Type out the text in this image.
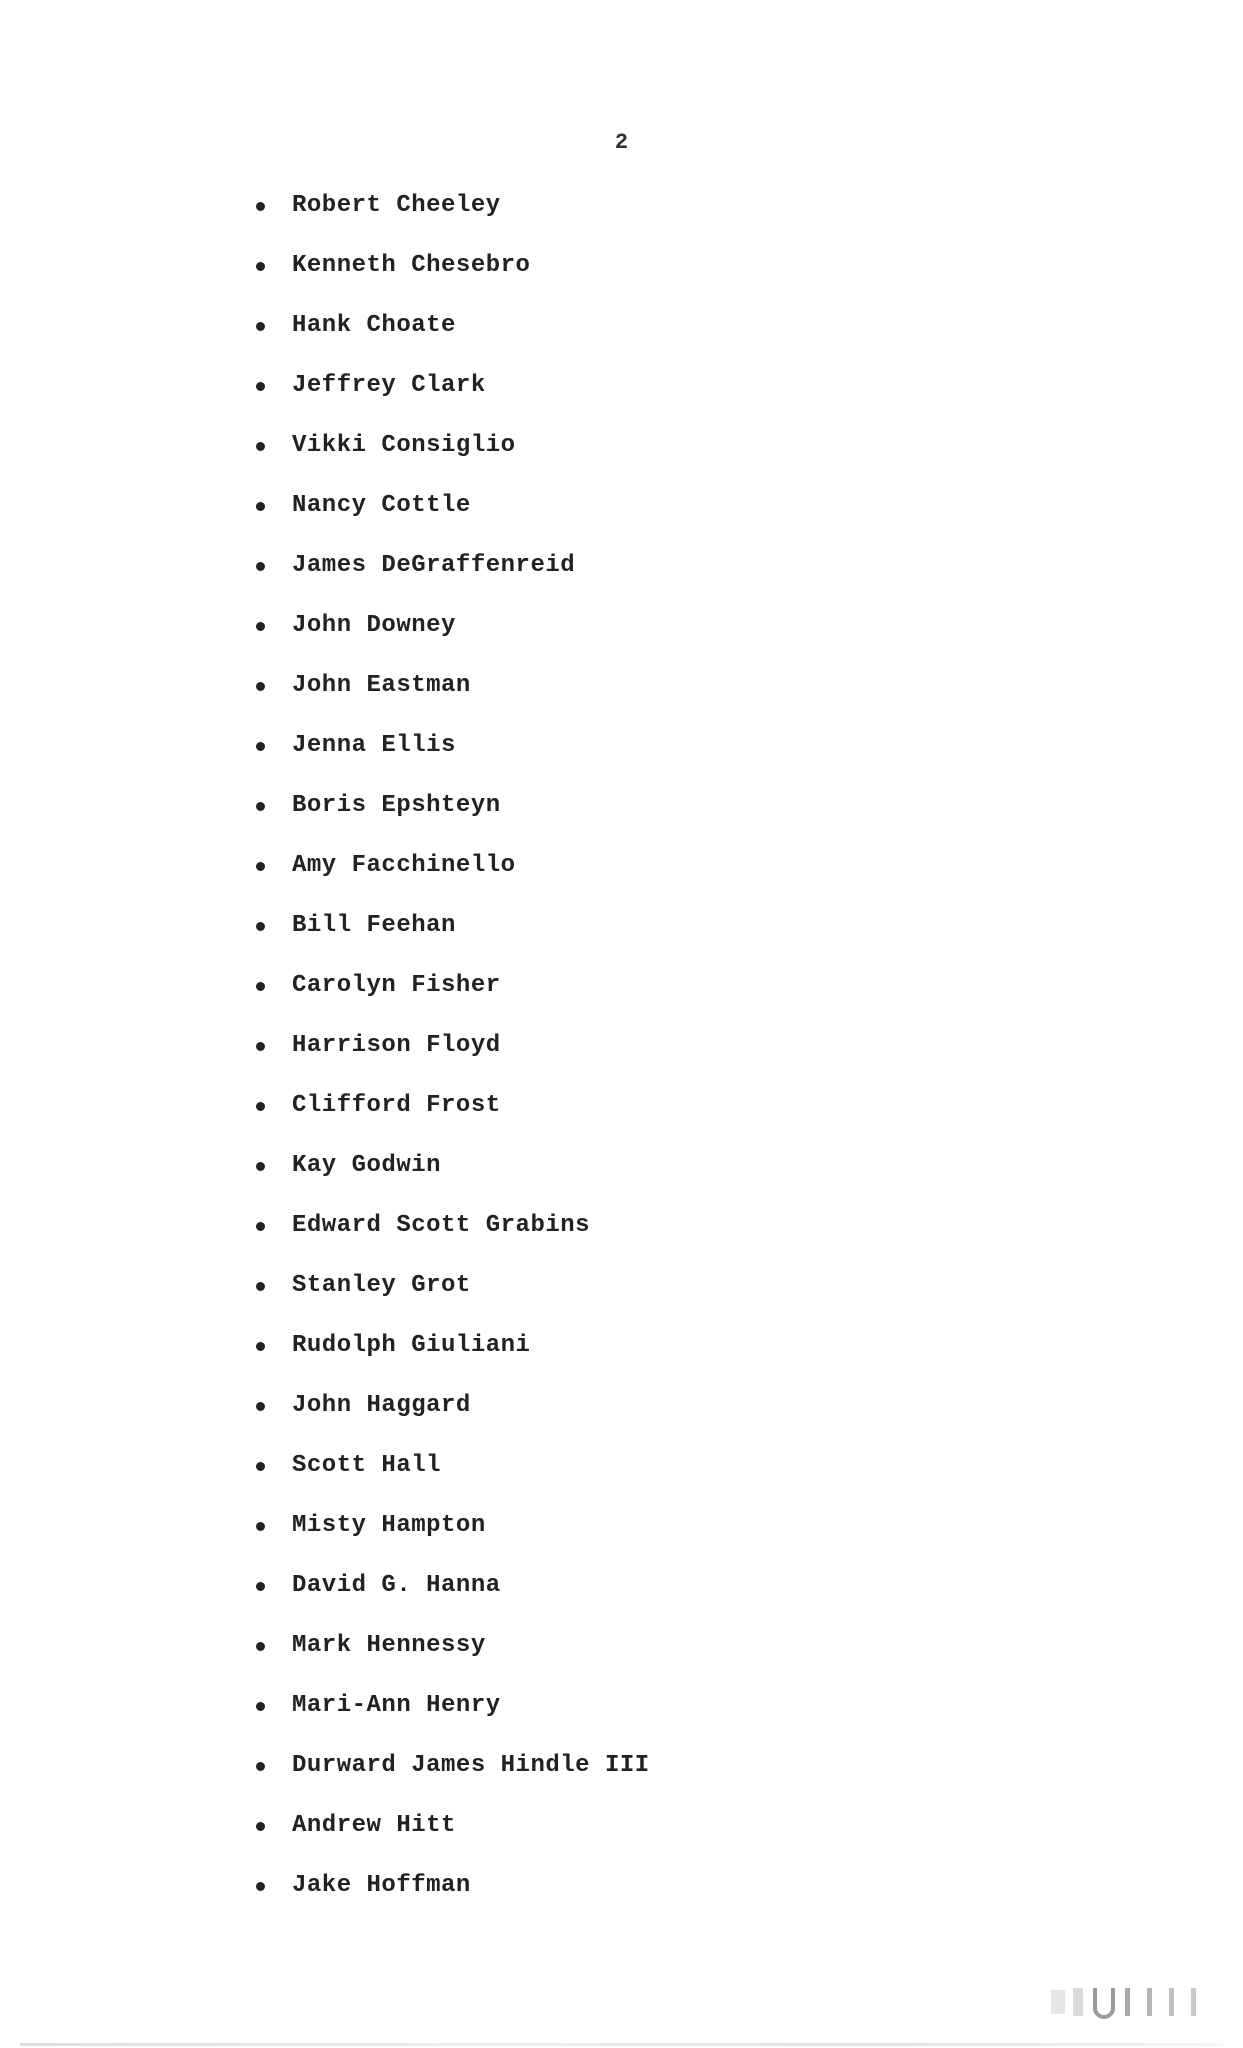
2
Robert Cheeley
Kenneth Chesebro
Hank Choate
Jeffrey Clark
Vikki Consiglio
Nancy Cottle
James DeGraffenreid
John Downey
John Eastman
Jenna Ellis
Boris Epshteyn
Amy Facchinello
Bill Feehan
Carolyn Fisher
Harrison Floyd
Clifford Frost
Kay Godwin
Edward Scott Grabins
Stanley Grot
Rudolph Giuliani
John Haggard
Scott Hall
Misty Hampton
David G. Hanna
Mark Hennessy
Mari-Ann Henry
Durward James Hindle III
Andrew Hitt
Jake Hoffman
